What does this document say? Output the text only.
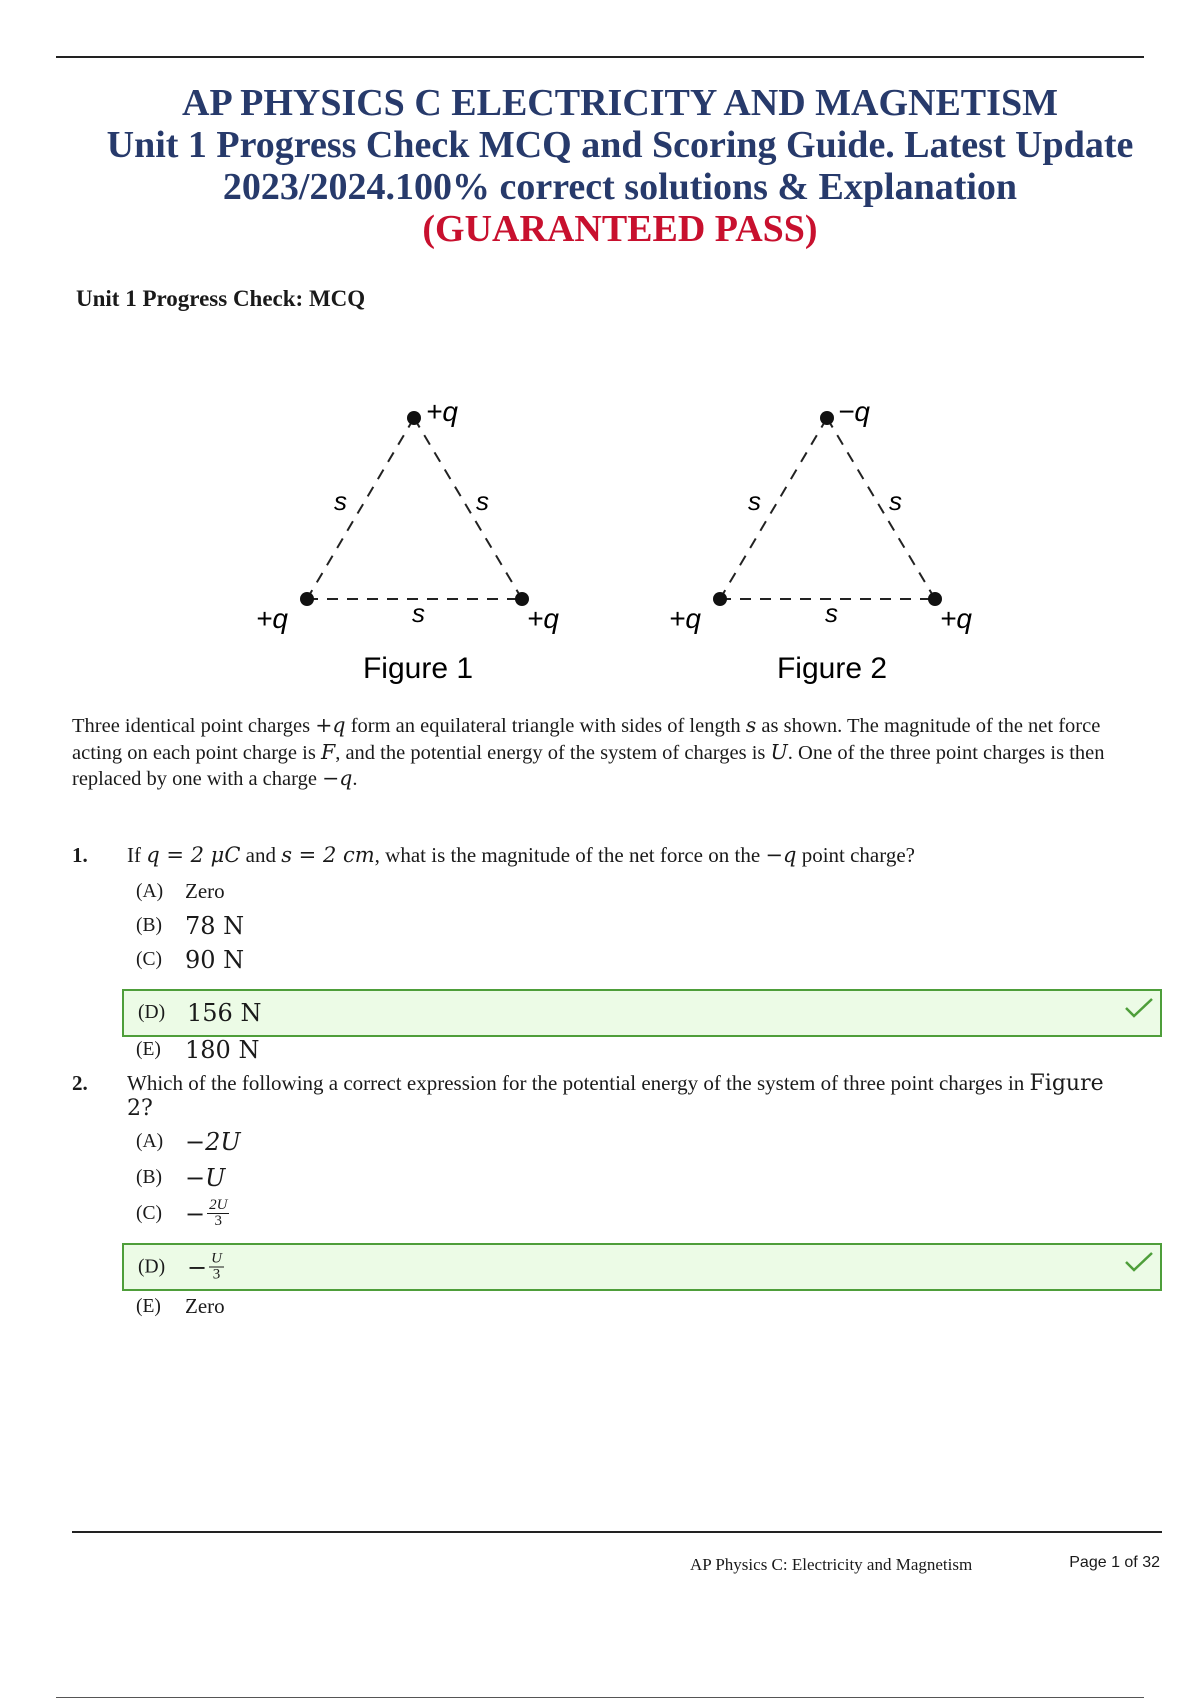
AP PHYSICS C ELECTRICITY AND MAGNETISM
Unit 1 Progress Check MCQ and Scoring Guide. Latest Update
2023/2024.100% correct solutions & Explanation
(GUARANTEED PASS)
Unit 1 Progress Check: MCQ
+q
+q	+q
s	s
s
Figure 1
−q
+q	+q
s	s
s
Figure 2
Three identical point charges +q form an equilateral triangle with sides of length s as shown. The magnitude of the net force acting on each point charge is F, and the potential energy of the system of charges is U. One of the three point charges is then replaced by one with a charge −q.
1. If q = 2 μC and s = 2 cm, what is the magnitude of the net force on the −q point charge?
(A)	Zero
(B) 78 N
(C) 90 N
(D) 156 N
(E)	180 N
2. Which of the following a correct expression for the potential energy of the system of three point charges in Figure 2?
(A) −2U
(B) −U
$(C) - \frac{2U}{3}$
$(D) - \frac{U}{3}$
(E)	Zero
AP Physics C: Electricity and Magnetism	Page 1 of 32
